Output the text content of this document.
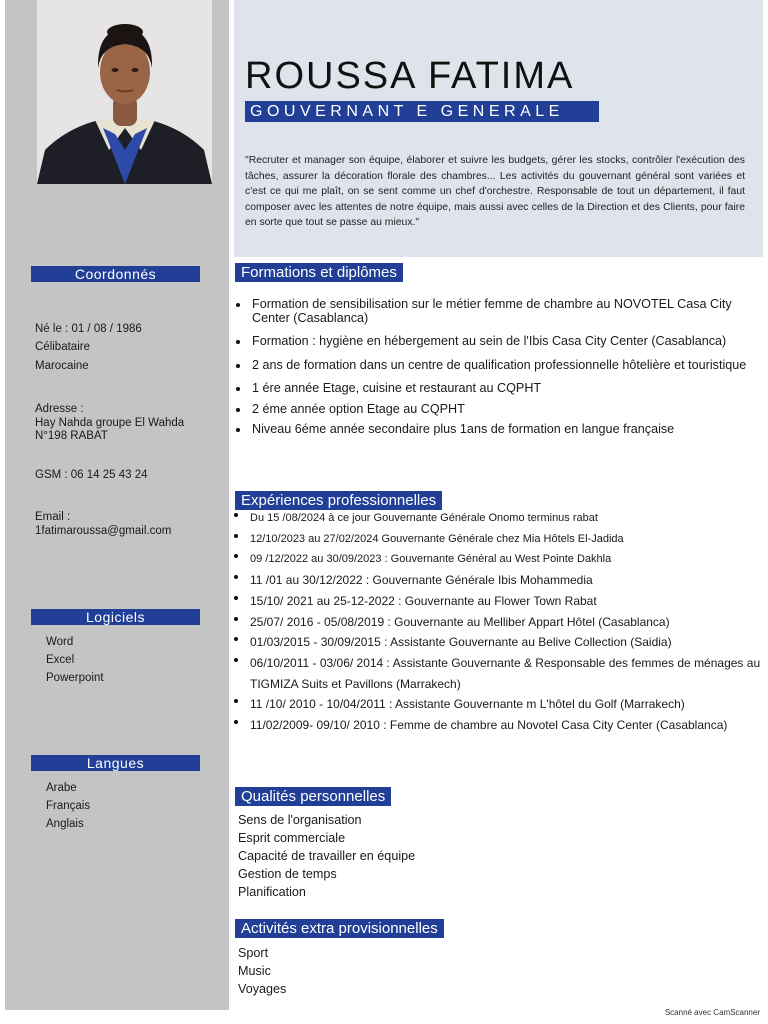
Coordonnés
Né le : 01 / 08 / 1986
Célibataire
Marocaine
Adresse :
Hay Nahda groupe El Wahda
N°198 RABAT
GSM : 06 14 25 43 24
Email :
1fatimaroussa@gmail.com
Logiciels
Word
Excel
Powerpoint
Langues
Arabe
Français
Anglais
ROUSSA FATIMA
GOUVERNANT E GENERALE
"Recruter et manager son équipe, élaborer et suivre les budgets, gérer les stocks, contrôler l'exécution des tâches, assurer la décoration florale des chambres... Les activités du gouvernant général sont variées et c'est ce qui me plaît, on se sent comme un chef d'orchestre. Responsable de tout un département, il faut composer avec les attentes de notre équipe, mais aussi avec celles de la Direction et des Clients, pour faire en sorte que tout se passe au mieux."
Formations et diplômes
Formation de sensibilisation sur le métier femme de chambre au NOVOTEL Casa City Center (Casablanca)
Formation : hygiène en hébergement au sein de l'Ibis Casa City Center (Casablanca)
2 ans de formation dans un centre de qualification professionnelle hôtelière et touristique
1 ére année Etage, cuisine et restaurant au CQPHT
2 éme année option Etage au CQPHT
Niveau 6éme année secondaire plus 1ans de formation en langue française
Expériences professionnelles
Du 15 /08/2024 à ce jour Gouvernante Générale Onomo terminus rabat
12/10/2023 au 27/02/2024 Gouvernante Générale chez Mia Hôtels El-Jadida
09 /12/2022 au 30/09/2023 : Gouvernante Général au West Pointe Dakhla
11 /01 au 30/12/2022 : Gouvernante Générale Ibis Mohammedia
15/10/ 2021 au 25-12-2022 : Gouvernante au Flower Town Rabat
25/07/ 2016 - 05/08/2019 : Gouvernante au Melliber Appart Hôtel (Casablanca)
01/03/2015 - 30/09/2015 : Assistante Gouvernante au Belive Collection (Saidia)
06/10/2011 - 03/06/ 2014 : Assistante Gouvernante & Responsable des femmes de ménages au TIGMIZA Suits et Pavillons (Marrakech)
11 /10/ 2010 - 10/04/2011 : Assistante Gouvernante m L'hôtel du Golf (Marrakech)
11/02/2009- 09/10/ 2010 : Femme de chambre au Novotel Casa City Center (Casablanca)
Qualités personnelles
Sens de l'organisation
Esprit commerciale
Capacité de travailler en équipe
Gestion de temps
Planification
Activités extra provisionnelles
Sport
Music
Voyages
Scanné avec CamScanner
